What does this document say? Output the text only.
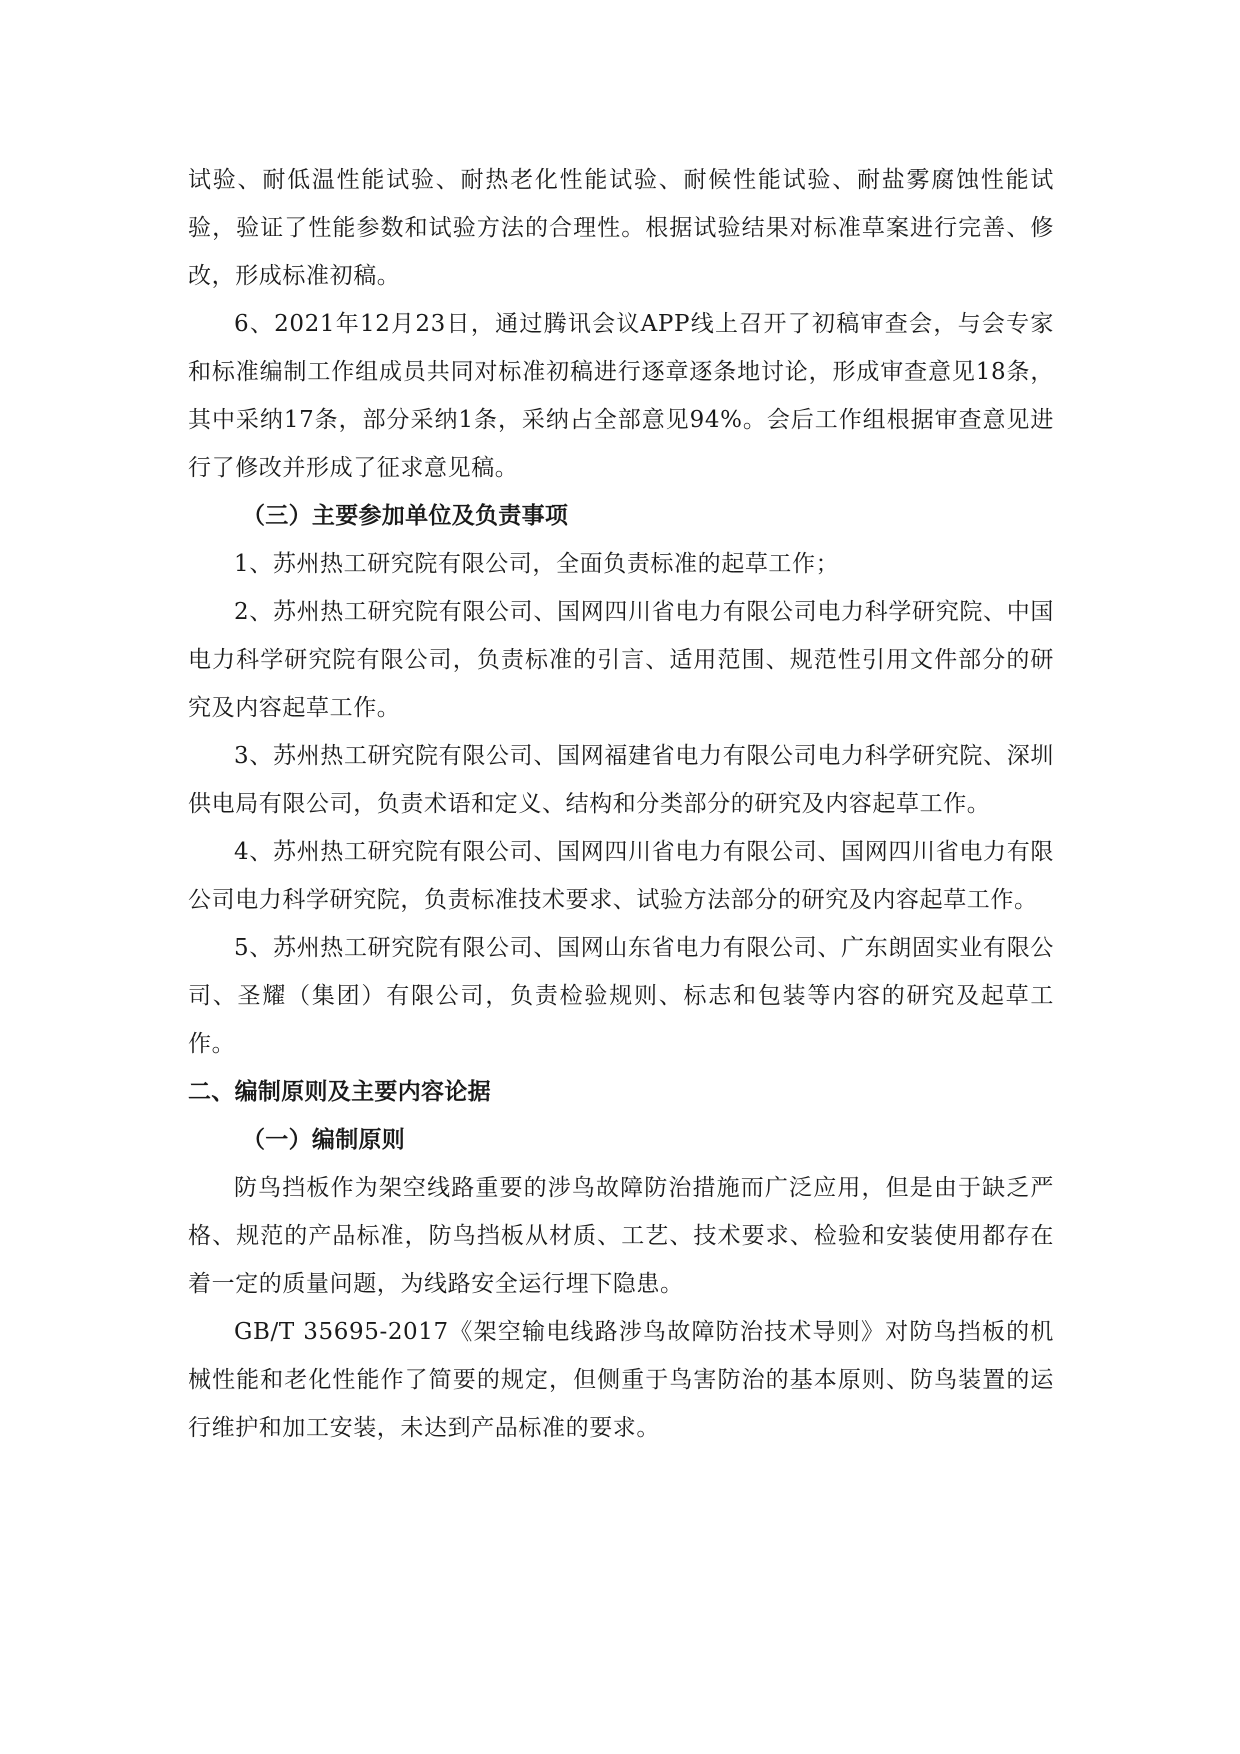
试验、耐低温性能试验、耐热老化性能试验、耐候性能试验、耐盐雾腐蚀性能试验，验证了性能参数和试验方法的合理性。根据试验结果对标准草案进行完善、修改，形成标准初稿。

6、2021年12月23日，通过腾讯会议APP线上召开了初稿审查会，与会专家和标准编制工作组成员共同对标准初稿进行逐章逐条地讨论，形成审查意见18条，其中采纳17条，部分采纳1条，采纳占全部意见94%。会后工作组根据审查意见进行了修改并形成了征求意见稿。

（三）主要参加单位及负责事项

1、苏州热工研究院有限公司，全面负责标准的起草工作；

2、苏州热工研究院有限公司、国网四川省电力有限公司电力科学研究院、中国电力科学研究院有限公司，负责标准的引言、适用范围、规范性引用文件部分的研究及内容起草工作。

3、苏州热工研究院有限公司、国网福建省电力有限公司电力科学研究院、深圳供电局有限公司，负责术语和定义、结构和分类部分的研究及内容起草工作。

4、苏州热工研究院有限公司、国网四川省电力有限公司、国网四川省电力有限公司电力科学研究院，负责标准技术要求、试验方法部分的研究及内容起草工作。

5、苏州热工研究院有限公司、国网山东省电力有限公司、广东朗固实业有限公司、圣耀（集团）有限公司，负责检验规则、标志和包装等内容的研究及起草工作。

二、编制原则及主要内容论据

（一）编制原则

防鸟挡板作为架空线路重要的涉鸟故障防治措施而广泛应用，但是由于缺乏严格、规范的产品标准，防鸟挡板从材质、工艺、技术要求、检验和安装使用都存在着一定的质量问题，为线路安全运行埋下隐患。

GB/T 35695-2017《架空输电线路涉鸟故障防治技术导则》对防鸟挡板的机械性能和老化性能作了简要的规定，但侧重于鸟害防治的基本原则、防鸟装置的运行维护和加工安装，未达到产品标准的要求。
